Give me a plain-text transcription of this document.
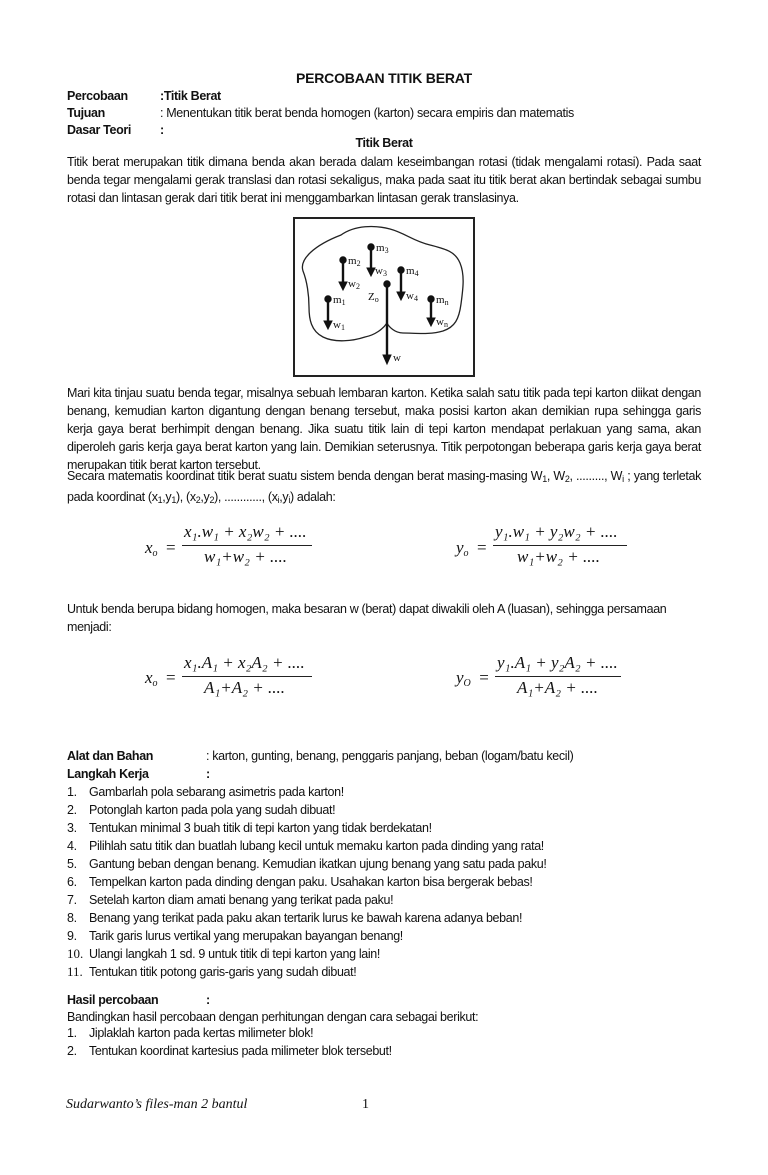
PERCOBAAN TITIK BERAT
Percobaan	:Titik Berat
Tujuan	: Menentukan titik berat benda homogen (karton) secara empiris dan matematis
Dasar Teori :
Titik Berat
Titik berat merupakan titik dimana benda akan berada dalam keseimbangan rotasi (tidak mengalami rotasi). Pada saat benda tegar mengalami gerak translasi dan rotasi sekaligus, maka pada saat itu titik berat akan bertindak sebagai sumbu rotasi dan lintasan gerak dari titik berat ini menggambarkan lintasan gerak translasinya.
m3
m2
m4
m1	mn
w3
w2
w4
w1	wn
Zo
w
Mari kita tinjau suatu benda tegar, misalnya sebuah lembaran karton. Ketika salah satu titik pada tepi karton diikat dengan benang, kemudian karton digantung dengan benang tersebut, maka posisi karton akan demikian rupa sehingga garis kerja gaya berat berhimpit dengan benang. Jika suatu titik lain di tepi karton mendapat perlakuan yang sama, akan diperoleh garis kerja gaya berat karton yang lain. Demikian seterusnya. Titik perpotongan beberapa garis kerja gaya berat merupakan titik berat karton tersebut.
Secara matematis koordinat titik berat suatu sistem benda dengan berat masing-masing $W_1$, $W_2$, ........., $W_i$ ; yang terletak pada koordinat $(x_1,y_1)$, $(x_2,y_2)$, ............, $(x_i,y_i)$ adalah:
$x_o$  =
x₁.w₁ + x₂w₂ + ....
w₁+w₂ + ....	$y_o$  =
y₁.w₁ + y₂w₂ + ....
w₁+w₂ + ....
$x_o$  =
x₁.A₁ + x₂A₂ + ....
A₁+A₂ + ....
$y_O$  =
y₁.A₁ + y₂A₂ + ....
A₁+A₂ + ....
Untuk benda berupa bidang homogen, maka besaran w (berat) dapat diwakili oleh A (luasan), sehingga persamaan menjadi:
Alat dan Bahan	: karton, gunting, benang, penggaris panjang, beban (logam/batu kecil)
Langkah Kerja	:
1. Gambarlah pola sebarang asimetris pada karton!
2. Potonglah karton pada pola yang sudah dibuat!
3. Tentukan minimal 3 buah titik di tepi karton yang tidak berdekatan!
4. Pilihlah satu titik dan buatlah lubang kecil untuk memaku karton pada dinding yang rata!
5. Gantung beban dengan benang. Kemudian ikatkan ujung benang yang satu pada paku!
6. Tempelkan karton pada dinding dengan paku. Usahakan karton bisa bergerak bebas!
7. Setelah karton diam amati benang yang terikat pada paku!
8. Benang yang terikat pada paku akan tertarik lurus ke bawah karena adanya beban!
9. Tarik garis lurus vertikal yang merupakan bayangan benang!
10. Ulangi langkah 1 sd. 9 untuk titik di tepi karton yang lain!
11. Tentukan titik potong garis-garis yang sudah dibuat!
Hasil percobaan	:
Bandingkan hasil percobaan dengan perhitungan dengan cara sebagai berikut:
1. Jiplaklah karton pada kertas milimeter blok!
2. Tentukan koordinat kartesius pada milimeter blok tersebut!
Sudarwanto’s files-man 2 bantul	1
